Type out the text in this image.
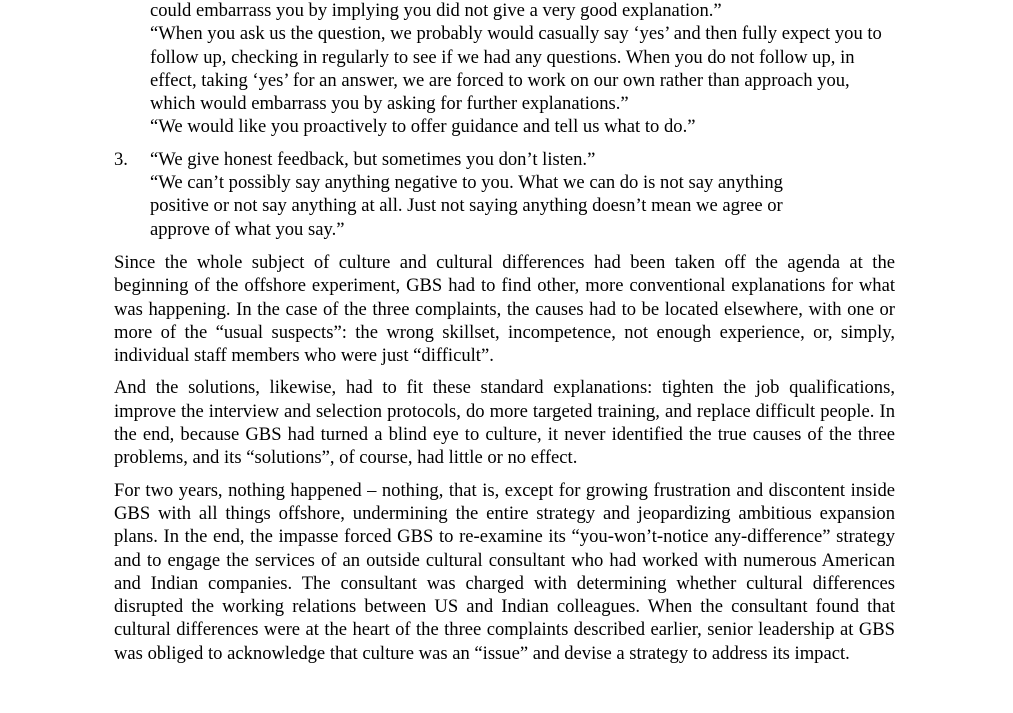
could embarrass you by implying you did not give a very good explanation.”
“When you ask us the question, we probably would casually say ‘yes’ and then fully expect you to follow up, checking in regularly to see if we had any questions. When you do not follow up, in effect, taking ‘yes’ for an answer, we are forced to work on our own rather than approach you, which would embarrass you by asking for further explanations.”
“We would like you proactively to offer guidance and tell us what to do.”
3.	“We give honest feedback, but sometimes you don’t listen.”
“We can’t possibly say anything negative to you. What we can do is not say anything positive or not say anything at all. Just not saying anything doesn’t mean we agree or approve of what you say.”

Since the whole subject of culture and cultural differences had been taken off the agenda at the beginning of the offshore experiment, GBS had to find other, more conventional explanations for what was happening. In the case of the three complaints, the causes had to be located elsewhere, with one or more of the “usual suspects”: the wrong skillset, incompetence, not enough experience, or, simply, individual staff members who were just “difficult”.

And the solutions, likewise, had to fit these standard explanations: tighten the job qualifications, improve the interview and selection protocols, do more targeted training, and replace difficult people. In the end, because GBS had turned a blind eye to culture, it never identified the true causes of the three problems, and its “solutions”, of course, had little or no effect.

For two years, nothing happened – nothing, that is, except for growing frustration and discontent inside GBS with all things offshore, undermining the entire strategy and jeopardizing ambitious expansion plans. In the end, the impasse forced GBS to re-examine its “you-won’t-notice any-difference” strategy and to engage the services of an outside cultural consultant who had worked with numerous American and Indian companies. The consultant was charged with determining whether cultural differences disrupted the working relations between US and Indian colleagues. When the consultant found that cultural differences were at the heart of the three complaints described earlier, senior leadership at GBS was obliged to acknowledge that culture was an “issue” and devise a strategy to address its impact.
